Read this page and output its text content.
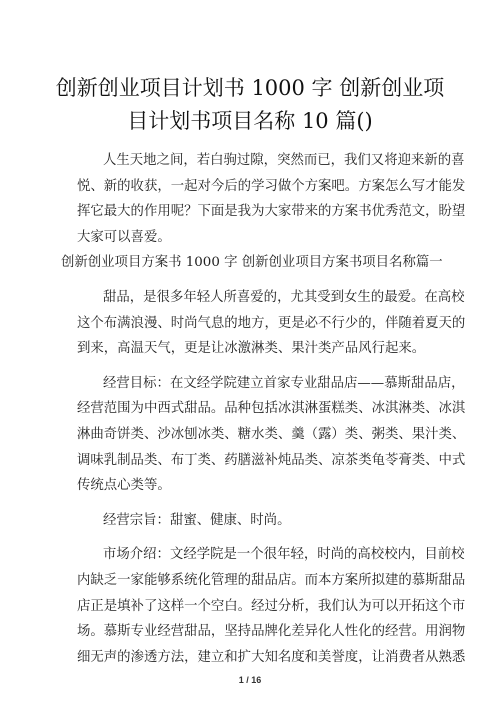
创新创业项目计划书 1000 字 创新创业项
目计划书项目名称 10 篇()

人生天地之间，若白驹过隙，突然而已，我们又将迎来新的喜
悦、新的收获，一起对今后的学习做个方案吧。方案怎么写才能发
挥它最大的作用呢？下面是我为大家带来的方案书优秀范文，盼望
大家可以喜爱。

创新创业项目方案书 1000 字 创新创业项目方案书项目名称篇一

甜品，是很多年轻人所喜爱的，尤其受到女生的最爱。在高校
这个布满浪漫、时尚气息的地方，更是必不行少的，伴随着夏天的
到来，高温天气，更是让冰激淋类、果汁类产品风行起来。

经营目标：在文经学院建立首家专业甜品店——慕斯甜品店，
经营范围为中西式甜品。品种包括冰淇淋蛋糕类、冰淇淋类、冰淇
淋曲奇饼类、沙冰刨冰类、糖水类、羹（露）类、粥类、果汁类、
调味乳制品类、布丁类、药膳滋补炖品类、凉茶类龟苓膏类、中式
传统点心类等。

经营宗旨：甜蜜、健康、时尚。

市场介绍：文经学院是一个很年轻，时尚的高校校内，目前校
内缺乏一家能够系统化管理的甜品店。而本方案所拟建的慕斯甜品
店正是填补了这样一个空白。经过分析，我们认为可以开拓这个市
场。慕斯专业经营甜品，坚持品牌化差异化人性化的经营。用润物
细无声的渗透方法，建立和扩大知名度和美誉度，让消费者从熟悉

1 / 16
